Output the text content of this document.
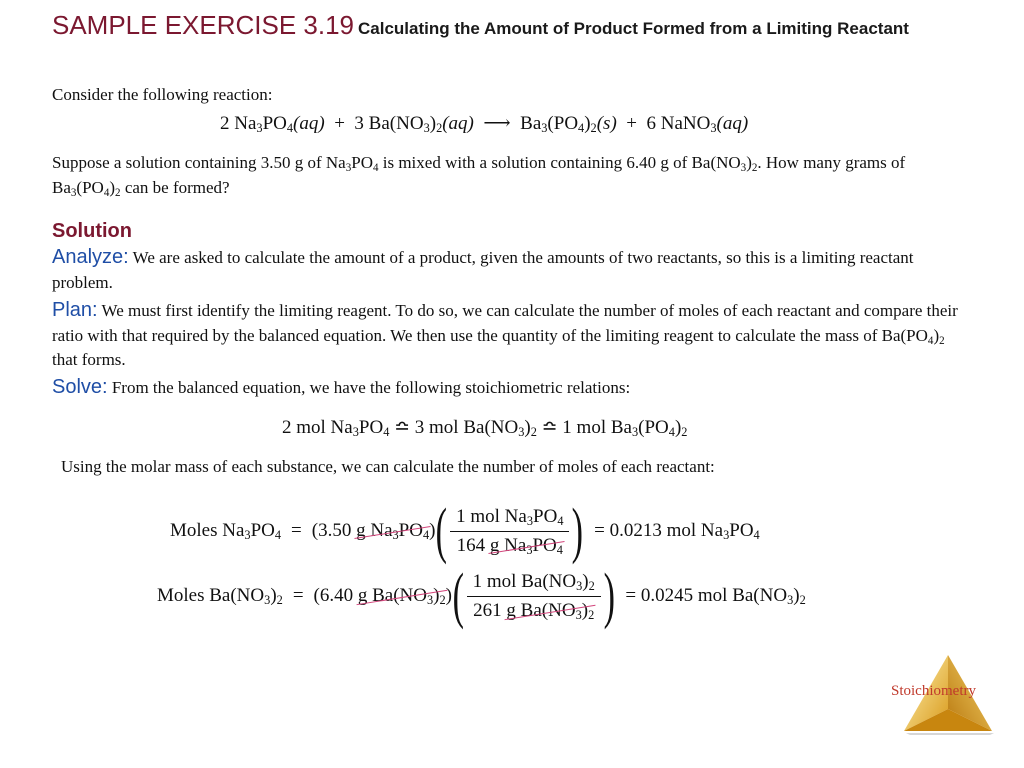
SAMPLE EXERCISE 3.19 Calculating the Amount of Product Formed from a Limiting Reactant
Consider the following reaction:
2 $Na_3PO_4(aq) + 3$ $Ba(NO_3)_2(aq)$ ⟶ $Ba_3(PO_4)_2(s) + 6$ NaNO$_3$(aq)
Suppose a solution containing 3.50 g of $Na_3PO_4$ is mixed with a solution containing 6.40 g of $Ba(NO_3)_2$. How many grams of $Ba_3(PO_4)_2$ can be formed?
Solution
Analyze: We are asked to calculate the amount of a product, given the amounts of two reactants, so this is a limiting reactant problem.
Plan: We must first identify the limiting reagent. To do so, we can calculate the number of moles of each reactant and compare their ratio with that required by the balanced equation. We then use the quantity of the limiting reagent to calculate the mass of $Ba(PO_4)_2$ that forms.
Solve: From the balanced equation, we have the following stoichiometric relations:
2 mol $Na_3PO_4$ ≏ 3 mol $Ba(NO_3)_2$ ≏ 1 mol $Ba_3(PO_4)_2$
Using the molar mass of each substance, we can calculate the number of moles of each reactant:
Moles $Na_3PO_4 = (3.50$ g $Na_3PO_4$) ( $\frac{1 mol Na_3PO_4}{164 g Na_3PO_4}$ ) = 0.0213 mol $Na_3PO_4$
Moles $Ba(NO_3)_2 = (6.40$ g $Ba(NO_3)_2$) ( $\frac{1 mol Ba(NO_3)_2}{261 g Ba(NO_3)_2}$ ) = 0.0245 mol $Ba(NO_3)_2$
Stoichiometry
